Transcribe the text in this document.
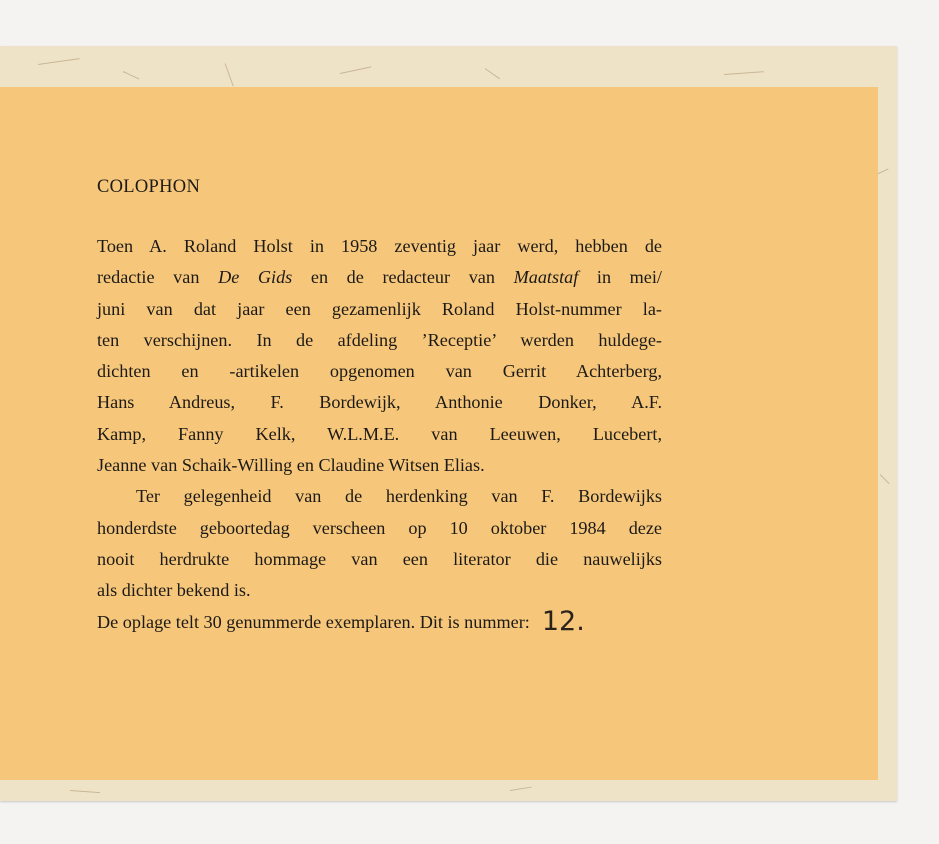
COLOPHON
Toen A. Roland Holst in 1958 zeventig jaar werd, hebben de
redactie van De Gids en de redacteur van Maatstaf in mei/
juni van dat jaar een gezamenlijk Roland Holst-nummer la-
ten verschijnen. In de afdeling ’Receptie’ werden huldege-
dichten en -artikelen opgenomen van Gerrit Achterberg,
Hans Andreus, F. Bordewijk, Anthonie Donker, A.F.
Kamp, Fanny Kelk, W.L.M.E. van Leeuwen, Lucebert,
Jeanne van Schaik-Willing en Claudine Witsen Elias.
Ter gelegenheid van de herdenking van F. Bordewijks
honderdste geboortedag verscheen op 10 oktober 1984 deze
nooit herdrukte hommage van een literator die nauwelijks
als dichter bekend is.
De oplage telt 30 genummerde exemplaren. Dit is nummer: 12.
